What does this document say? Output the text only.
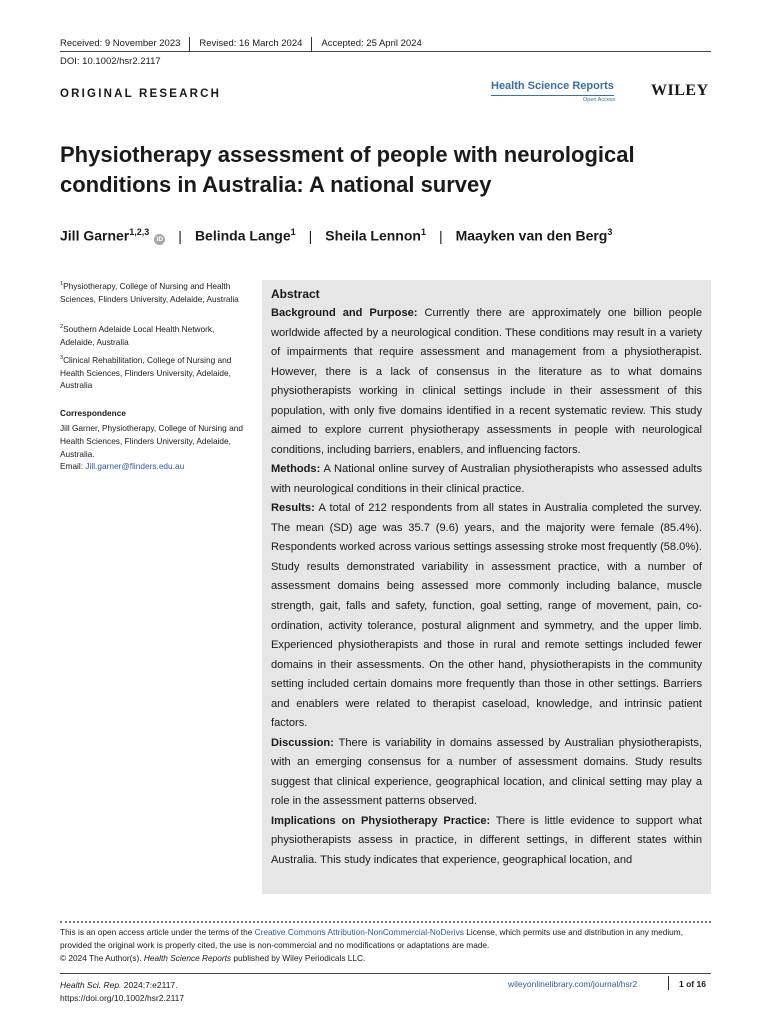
Received: 9 November 2023	Revised: 16 March 2024	Accepted: 25 April 2024
DOI: 10.1002/hsr2.2117
ORIGINAL RESEARCH
Health Science Reports
Open Access
WILEY
Physiotherapy assessment of people with neurological conditions in Australia: A national survey
Jill Garner$^{1,2,3}$
iD	| Belinda Lange$^1$ | Sheila Lennon$^1$ | Maayken van den Berg$^3$
$^1$Physiotherapy, College of Nursing and Health Sciences, Flinders University, Adelaide, Australia
$^2$Southern Adelaide Local Health Network, Adelaide, Australia
$^3$Clinical Rehabilitation, College of Nursing and Health Sciences, Flinders University, Adelaide, Australia
Correspondence
Jill Garner, Physiotherapy, College of Nursing and Health Sciences, Flinders University, Adelaide, Australia.
Email: Jill.garner@flinders.edu.au
Abstract

Background and Purpose: Currently there are approximately one billion people worldwide affected by a neurological condition. These conditions may result in a variety of impairments that require assessment and management from a physiotherapist. However, there is a lack of consensus in the literature as to what domains physiotherapists working in clinical settings include in their assessment of this population, with only five domains identified in a recent systematic review. This study aimed to explore current physiotherapy assessments in people with neurological conditions, including barriers, enablers, and influencing factors.

Methods: A National online survey of Australian physiotherapists who assessed adults with neurological conditions in their clinical practice.

Results: A total of 212 respondents from all states in Australia completed the survey. The mean (SD) age was 35.7 (9.6) years, and the majority were female (85.4%). Respondents worked across various settings assessing stroke most frequently (58.0%). Study results demonstrated variability in assessment practice, with a number of assessment domains being assessed more commonly including balance, muscle strength, gait, falls and safety, function, goal setting, range of movement, pain, co-ordination, activity tolerance, postural alignment and symmetry, and the upper limb. Experienced physiotherapists and those in rural and remote settings included fewer domains in their assessments. On the other hand, physiotherapists in the community setting included certain domains more frequently than those in other settings. Barriers and enablers were related to therapist caseload, knowledge, and intrinsic patient factors.

Discussion: There is variability in domains assessed by Australian physiotherapists, with an emerging consensus for a number of assessment domains. Study results suggest that clinical experience, geographical location, and clinical setting may play a role in the assessment patterns observed.

Implications on Physiotherapy Practice: There is little evidence to support what physiotherapists assess in practice, in different settings, in different states within Australia. This study indicates that experience, geographical location, and

This is an open access article under the terms of the Creative Commons Attribution-NonCommercial-NoDerivs License, which permits use and distribution in any medium, provided the original work is properly cited, the use is non-commercial and no modifications or adaptations are made.
© 2024 The Author(s). Health Science Reports published by Wiley Periodicals LLC.
Health Sci. Rep. 2024;7:e2117.
https://doi.org/10.1002/hsr2.2117
wileyonlinelibrary.com/journal/hsr2	1 of 16
